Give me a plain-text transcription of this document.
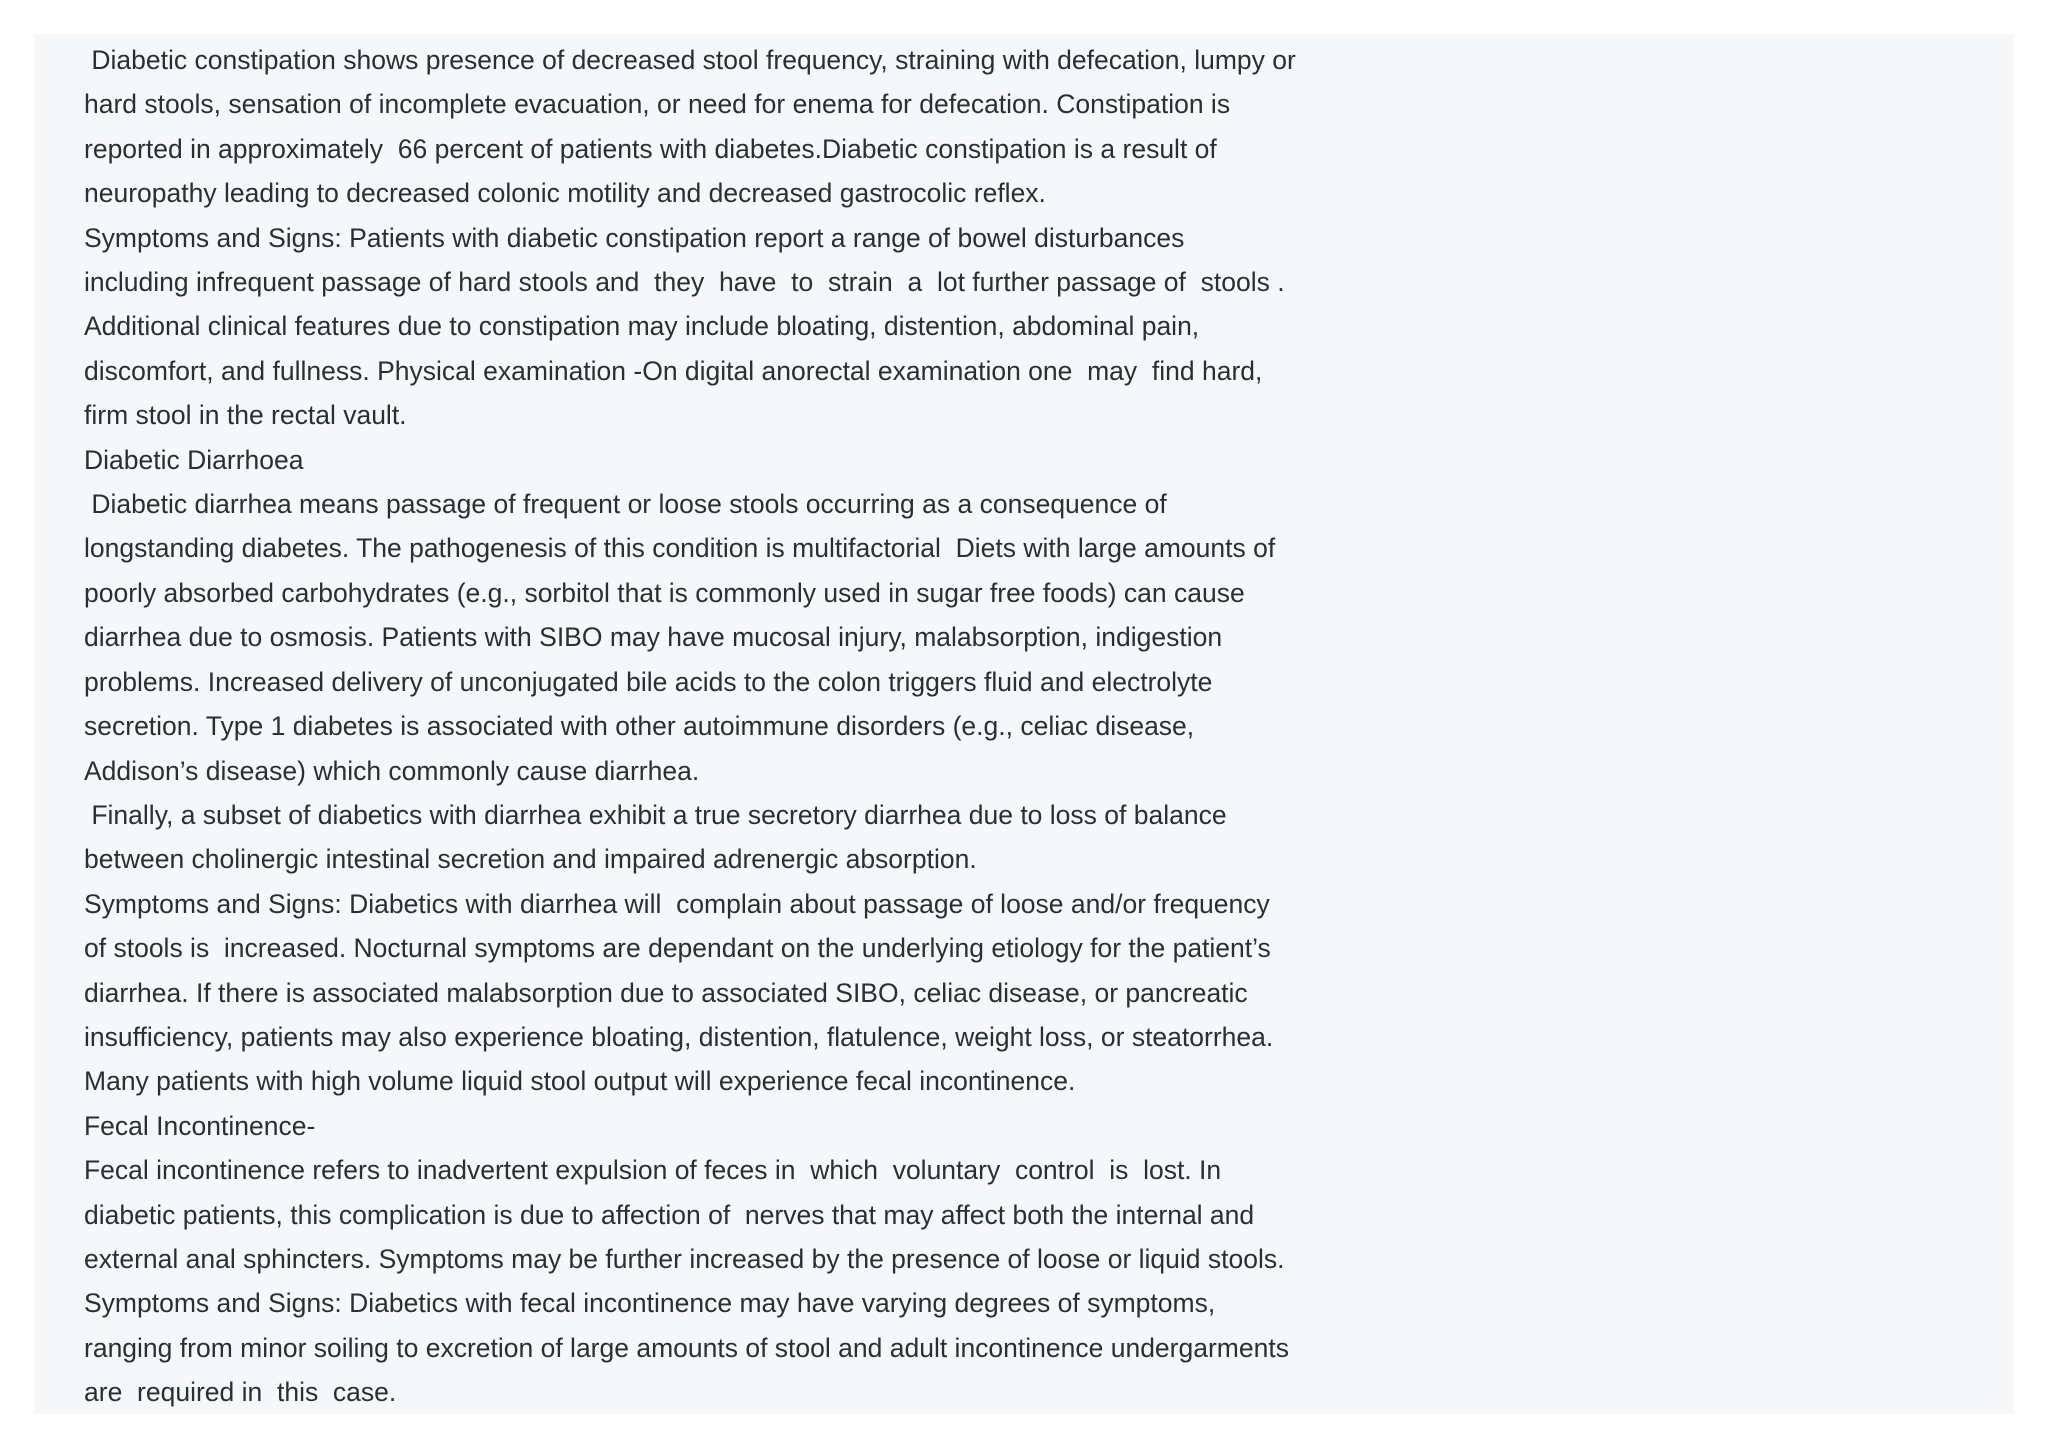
Diabetic constipation shows presence of decreased stool frequency, straining with defecation, lumpy or
hard stools, sensation of incomplete evacuation, or need for enema for defecation. Constipation is
reported in approximately  66 percent of patients with diabetes.Diabetic constipation is a result of
neuropathy leading to decreased colonic motility and decreased gastrocolic reflex.
Symptoms and Signs: Patients with diabetic constipation report a range of bowel disturbances
including infrequent passage of hard stools and  they  have  to  strain  a  lot further passage of  stools .
Additional clinical features due to constipation may include bloating, distention, abdominal pain,
discomfort, and fullness. Physical examination -On digital anorectal examination one  may  find hard,
firm stool in the rectal vault.
Diabetic Diarrhoea
Diabetic diarrhea means passage of frequent or loose stools occurring as a consequence of
longstanding diabetes. The pathogenesis of this condition is multifactorial  Diets with large amounts of
poorly absorbed carbohydrates (e.g., sorbitol that is commonly used in sugar free foods) can cause
diarrhea due to osmosis. Patients with SIBO may have mucosal injury, malabsorption, indigestion
problems. Increased delivery of unconjugated bile acids to the colon triggers fluid and electrolyte
secretion. Type 1 diabetes is associated with other autoimmune disorders (e.g., celiac disease,
Addison’s disease) which commonly cause diarrhea.
Finally, a subset of diabetics with diarrhea exhibit a true secretory diarrhea due to loss of balance
between cholinergic intestinal secretion and impaired adrenergic absorption.
Symptoms and Signs: Diabetics with diarrhea will  complain about passage of loose and/or frequency
of stools is  increased. Nocturnal symptoms are dependant on the underlying etiology for the patient’s
diarrhea. If there is associated malabsorption due to associated SIBO, celiac disease, or pancreatic
insufficiency, patients may also experience bloating, distention, flatulence, weight loss, or steatorrhea.
Many patients with high volume liquid stool output will experience fecal incontinence.
Fecal Incontinence-
Fecal incontinence refers to inadvertent expulsion of feces in  which  voluntary  control  is  lost. In
diabetic patients, this complication is due to affection of  nerves that may affect both the internal and
external anal sphincters. Symptoms may be further increased by the presence of loose or liquid stools.
Symptoms and Signs: Diabetics with fecal incontinence may have varying degrees of symptoms,
ranging from minor soiling to excretion of large amounts of stool and adult incontinence undergarments
are  required in  this  case.
